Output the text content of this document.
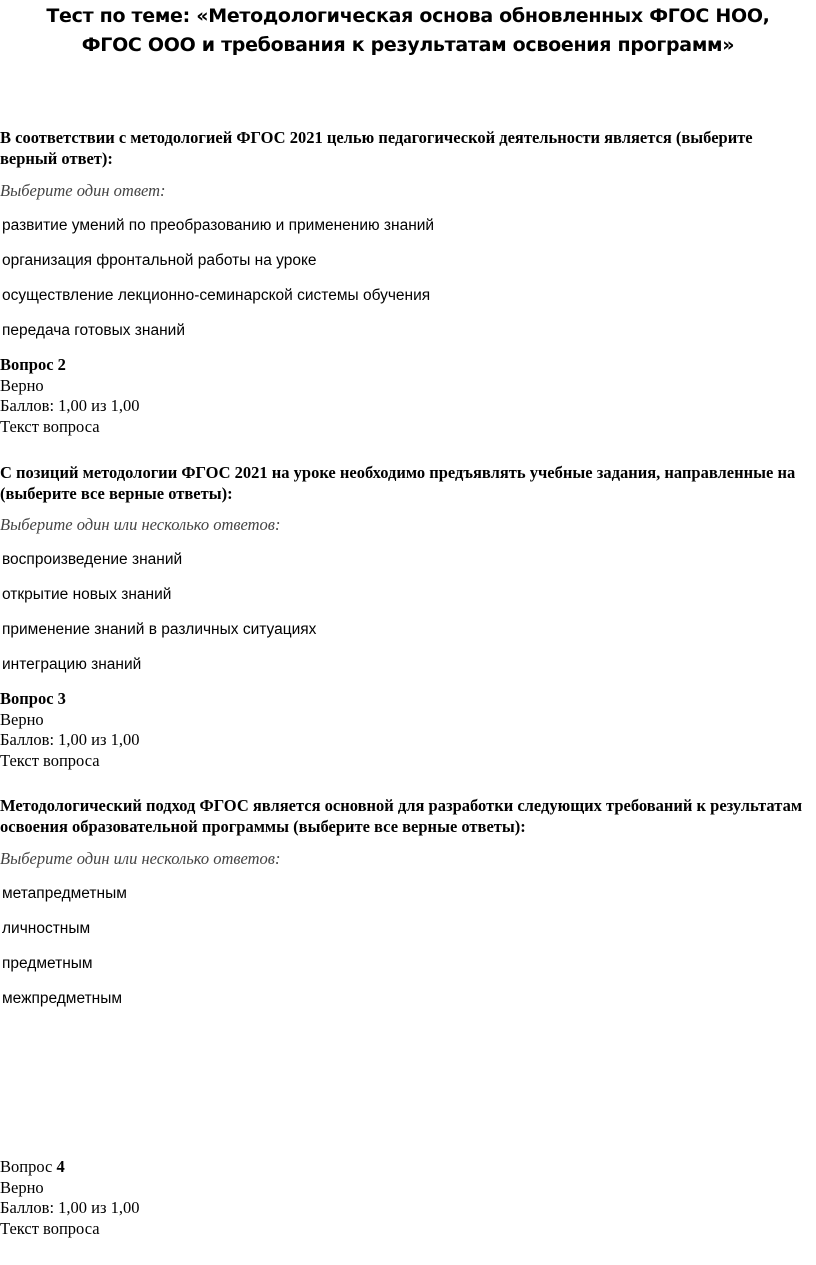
Тест по теме: «Методологическая основа обновленных ФГОС НОО, ФГОС ООО и требования к результатам освоения программ»

В соответствии с методологией ФГОС 2021 целью педагогической деятельности является (выберите верный ответ):

Выберите один ответ:

развитие умений по преобразованию и применению знаний
организация фронтальной работы на уроке
осуществление лекционно-семинарской системы обучения
передача готовых знаний
Вопрос 2
Верно
Баллов: 1,00 из 1,00
Текст вопроса

С позиций методологии ФГОС 2021 на уроке необходимо предъявлять учебные задания, направленные на (выберите все верные ответы):

Выберите один или несколько ответов:

воспроизведение знаний
открытие новых знаний
применение знаний в различных ситуациях
интеграцию знаний
Вопрос 3
Верно
Баллов: 1,00 из 1,00
Текст вопроса

Методологический подход ФГОС является основной для разработки следующих требований к результатам освоения образовательной программы (выберите все верные ответы):

Выберите один или несколько ответов:

метапредметным
личностным
предметным
межпредметным
Вопрос 4
Верно
Баллов: 1,00 из 1,00
Текст вопроса
